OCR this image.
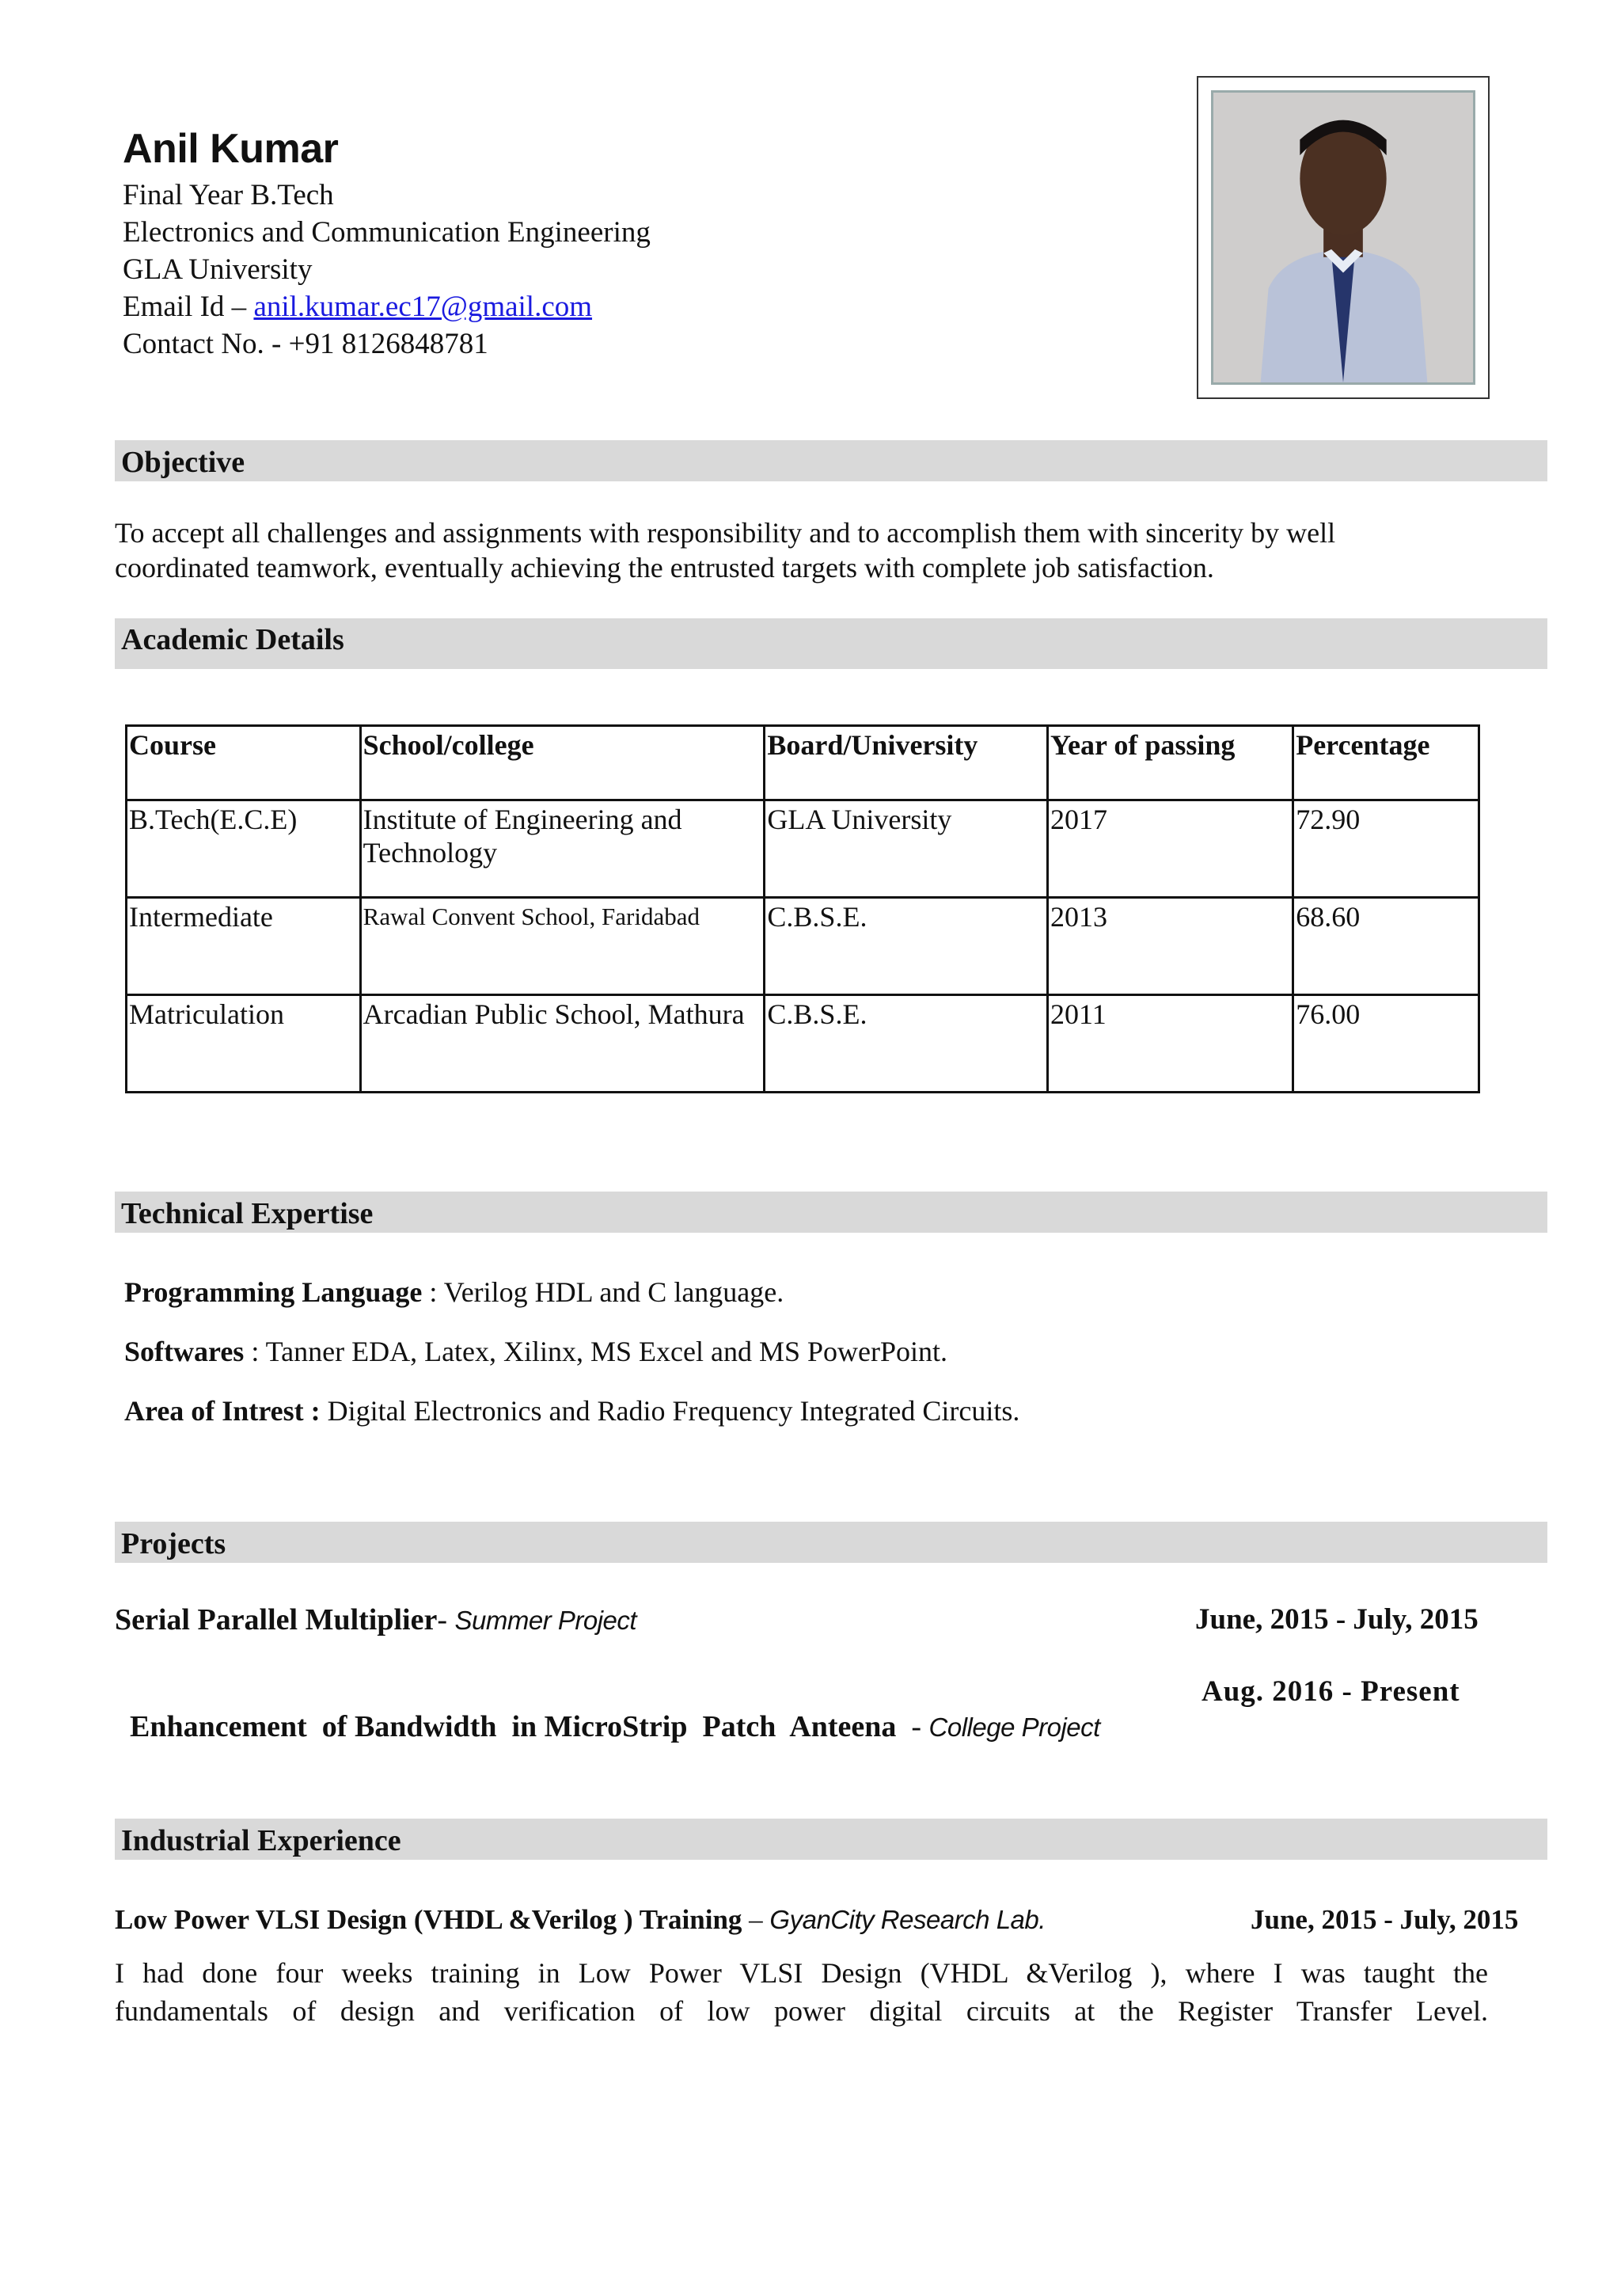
Anil Kumar
Final Year B.Tech
Electronics and Communication Engineering
GLA University
Email Id – anil.kumar.ec17@gmail.com
Contact No. - +91 8126848781
Objective
To accept all challenges and assignments with responsibility and to accomplish them with sincerity by well
coordinated teamwork, eventually achieving the entrusted targets with complete job satisfaction.
Academic Details
Course	School/college	Board/University	Year of passing	Percentage
B.Tech(E.C.E)	Institute of Engineering and Technology	GLA University	2017	72.90
Intermediate	Rawal Convent School, Faridabad	C.B.S.E.	2013	68.60
Matriculation	Arcadian Public School, Mathura	C.B.S.E.	2011	76.00
Technical Expertise
Programming Language : Verilog HDL and C language.
Softwares : Tanner EDA, Latex, Xilinx, MS Excel and MS PowerPoint.
Area of Intrest : Digital Electronics and Radio Frequency Integrated Circuits.
Projects
Serial Parallel Multiplier- Summer Project	June, 2015 - July, 2015

Enhancement  of Bandwidth  in MicroStrip  Patch  Anteena  - College Project

Aug. 2016 - Present
Industrial Experience
Low Power VLSI Design (VHDL &Verilog ) Training – GyanCity Research Lab.	June, 2015 - July, 2015
I had done four weeks training in Low Power VLSI Design (VHDL &Verilog ), where I was taught the
fundamentals of design and verification of low power digital circuits at the Register Transfer Level.
